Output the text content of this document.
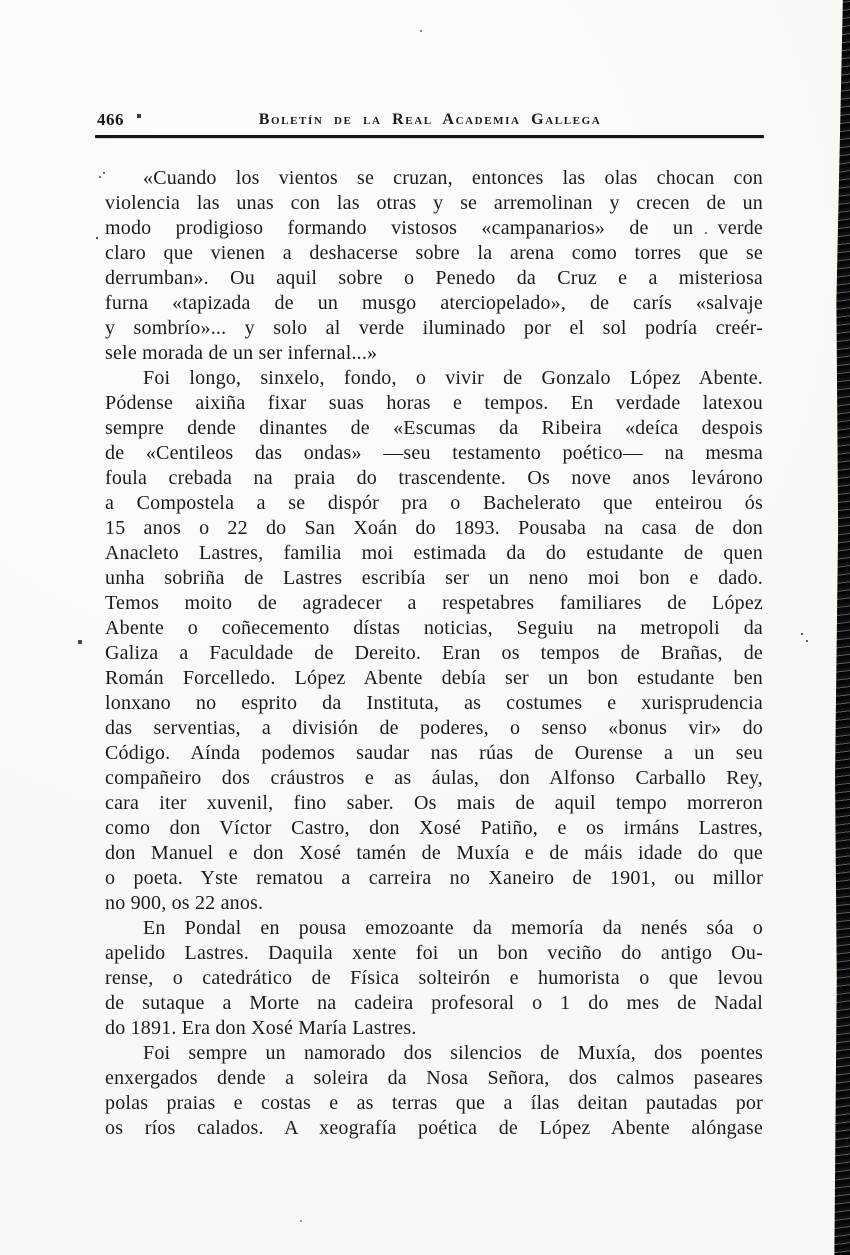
466	Boletín de la Real Academia Gallega
«Cuando los vientos se cruzan, entonces las olas chocan con
violencia las unas con las otras y se arremolinan y crecen de un
modo prodigioso formando vistosos «campanarios» de un verde
claro que vienen a deshacerse sobre la arena como torres que se
derrumban». Ou aquil sobre o Penedo da Cruz e a misteriosa
furna «tapizada de un musgo aterciopelado», de carís «salvaje
y sombrío»... y solo al verde iluminado por el sol podría creér-
sele morada de un ser infernal...»
Foi longo, sinxelo, fondo, o vivir de Gonzalo López Abente.
Pódense aixiña fixar suas horas e tempos. En verdade latexou
sempre dende dinantes de «Escumas da Ribeira «deíca despois
de «Centileos das ondas» —seu testamento poético— na mesma
foula crebada na praia do trascendente. Os nove anos levárono
a Compostela a se dispór pra o Bachelerato que enteirou ós
15 anos o 22 do San Xoán do 1893. Pousaba na casa de don
Anacleto Lastres, familia moi estimada da do estudante de quen
unha sobriña de Lastres escribía ser un neno moi bon e dado.
Temos moito de agradecer a respetabres familiares de López
Abente o coñecemento dístas noticias, Seguiu na metropoli da
Galiza a Faculdade de Dereito. Eran os tempos de Brañas, de
Román Forcelledo. López Abente debía ser un bon estudante ben
lonxano no esprito da Instituta, as costumes e xurisprudencia
das serventias, a división de poderes, o senso «bonus vir» do
Código. Aínda podemos saudar nas rúas de Ourense a un seu
compañeiro dos cráustros e as áulas, don Alfonso Carballo Rey,
cara iter xuvenil, fino saber. Os mais de aquil tempo morreron
como don Víctor Castro, don Xosé Patiño, e os irmáns Lastres,
don Manuel e don Xosé tamén de Muxía e de máis idade do que
o poeta. Yste rematou a carreira no Xaneiro de 1901, ou millor
no 900, os 22 anos.
En Pondal en pousa emozoante da memoría da nenés sóa o
apelido Lastres. Daquila xente foi un bon veciño do antigo Ou-
rense, o catedrático de Física solteirón e humorista o que levou
de sutaque a Morte na cadeira profesoral o 1 do mes de Nadal
do 1891. Era don Xosé María Lastres.
Foi sempre un namorado dos silencios de Muxía, dos poentes
enxergados dende a soleira da Nosa Señora, dos calmos paseares
polas praias e costas e as terras que a ílas deitan pautadas por
os ríos calados. A xeografía poética de López Abente alóngase
